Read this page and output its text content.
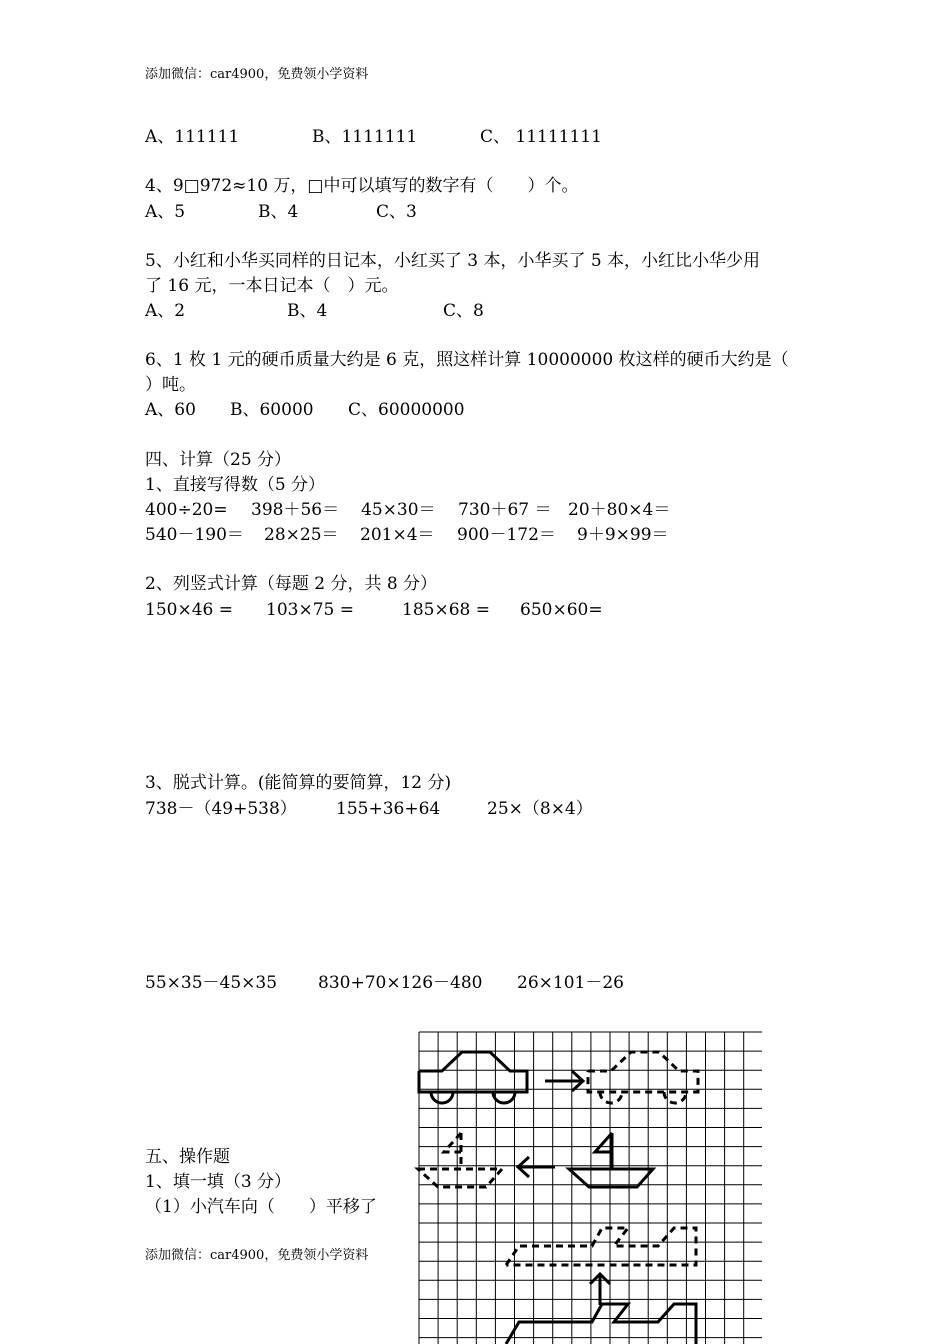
添加微信：car4900，免费领小学资料
A、111111	B、1111111	C、 11111111
4、9□972≈10 万，□中可以填写的数字有（　　）个。
A、5	B、4	C、3
5、小红和小华买同样的日记本，小红买了 3 本，小华买了 5 本，小红比小华少用
了 16 元，一本日记本（　）元。
A、2	B、4	C、8
6、1 枚 1 元的硬币质量大约是 6 克，照这样计算 10000000 枚这样的硬币大约是（
）吨。
A、60 B、60000 C、60000000
四、计算（25 分）
1、直接写得数（5 分）
400÷20= 398＋56＝ 45×30＝ 730＋67 ＝ 20＋80×4＝
540－190＝ 28×25＝ 201×4＝ 900－172＝ 9＋9×99＝
2、列竖式计算（每题 2 分，共 8 分）
150×46 = 103×75 =	185×68 = 650×60=
3、脱式计算。(能简算的要简算，12 分)
738－（49+538） 155+36+64	25×（8×4）
55×35－45×35 830+70×126－480 26×101－26
五、操作题
1、填一填（3 分）
（1）小汽车向（　　）平移了
添加微信：car4900，免费领小学资料
